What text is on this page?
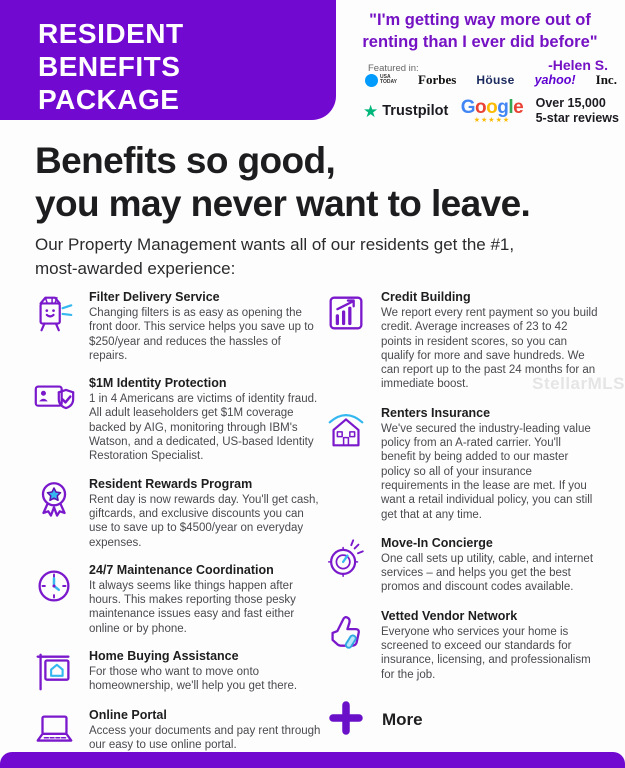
RESIDENT
BENEFITS
PACKAGE
"I'm getting way more out of
renting than I ever did before"
-Helen S.
Featured in:
USA TODAY Forbes Höuse yahoo! Inc.
★ Trustpilot Google
★★★★★
Over 15,000
5-star reviews
Benefits so good,
you may never want to leave.
Our Property Management wants all of our residents get the #1,
most-awarded experience:
Filter Delivery Service
Changing filters is as easy as opening the front door. This service helps you save up to $250/year and reduces the hassles of repairs.
$1M Identity Protection
1 in 4 Americans are victims of identity fraud. All adult leaseholders get $1M coverage backed by AIG, monitoring through IBM's Watson, and a dedicated, US-based Identity Restoration Specialist.
Resident Rewards Program
Rent day is now rewards day. You'll get cash, giftcards, and exclusive discounts you can use to save up to $4500/year on everyday expenses.
24/7 Maintenance Coordination
It always seems like things happen after hours. This makes reporting those pesky maintenance issues easy and fast either online or by phone.
Home Buying Assistance
For those who want to move onto homeownership, we'll help you get there.
Online Portal
Access your documents and pay rent through our easy to use online portal.
Credit Building
We report every rent payment so you build credit. Average increases of 23 to 42 points in resident scores, so you can qualify for more and save hundreds. We can report up to the past 24 months for an immediate boost.
Renters Insurance
We've secured the industry-leading value policy from an A-rated carrier. You'll benefit by being added to our master policy so all of your insurance requirements in the lease are met. If you want a retail individual policy, you can still get that at any time.
Move-In Concierge
One call sets up utility, cable, and internet services – and helps you get the best promos and discount codes available.
Vetted Vendor Network
Everyone who services your home is screened to exceed our standards for insurance, licensing, and professionalism for the job.
More
StellarMLS
